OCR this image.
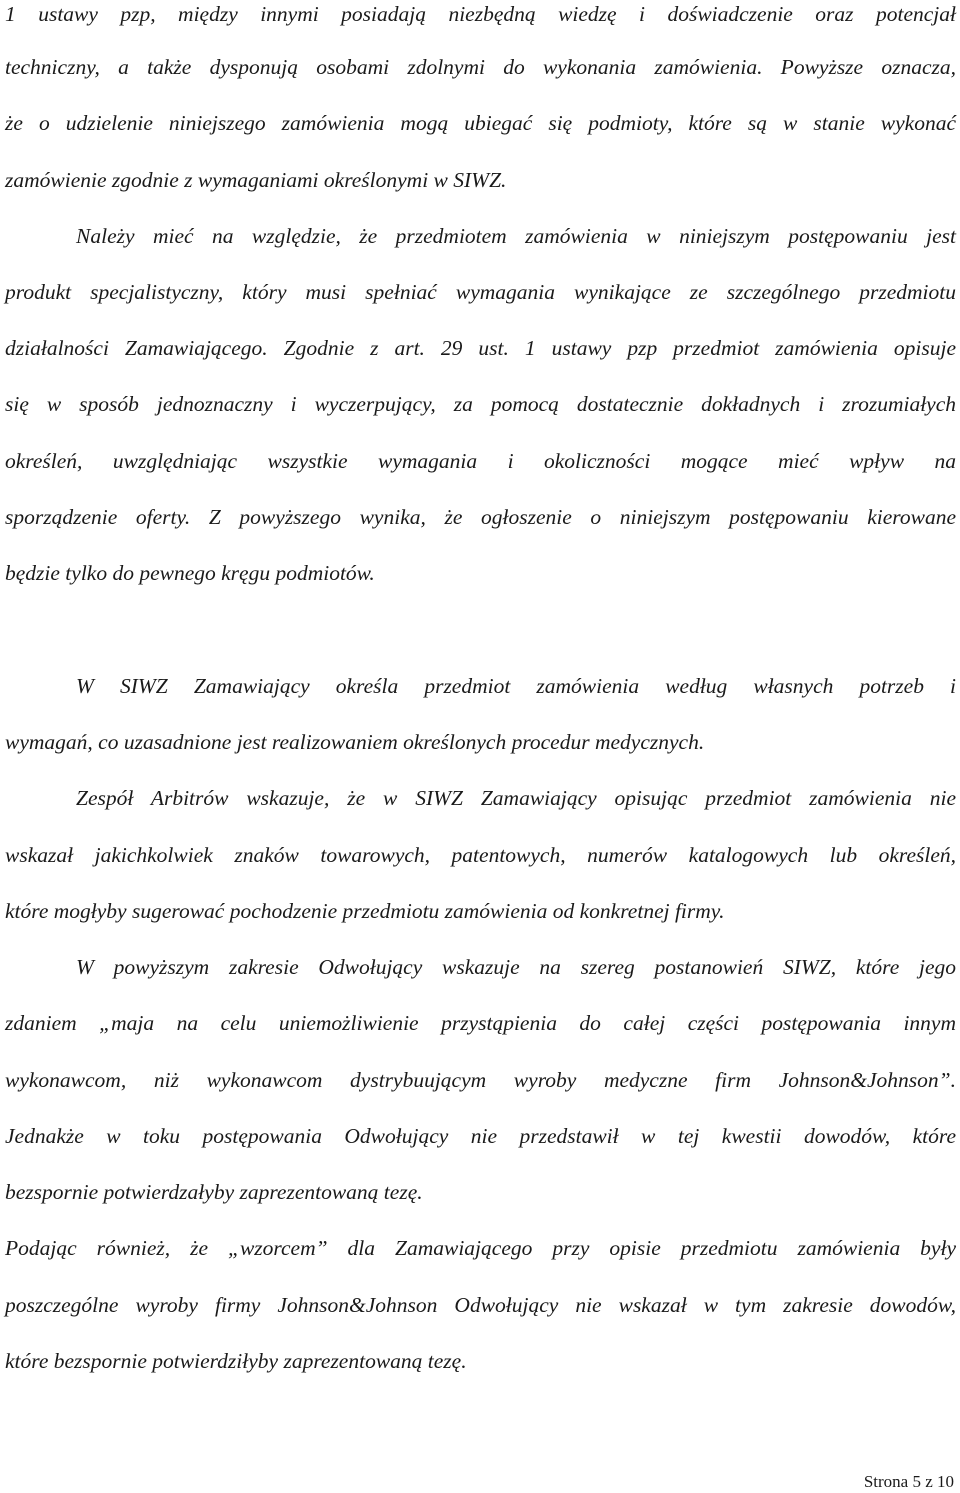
1 ustawy pzp, między innymi posiadają niezbędną wiedzę i doświadczenie oraz potencjał
techniczny, a także dysponują osobami zdolnymi do wykonania zamówienia. Powyższe oznacza,
że o udzielenie niniejszego zamówienia mogą ubiegać się podmioty, które są w stanie wykonać
zamówienie zgodnie z wymaganiami określonymi w SIWZ.
Należy mieć na względzie, że przedmiotem zamówienia w niniejszym postępowaniu jest
produkt specjalistyczny, który musi spełniać wymagania wynikające ze szczególnego przedmiotu
działalności Zamawiającego. Zgodnie z art. 29 ust. 1 ustawy pzp przedmiot zamówienia opisuje
się w sposób jednoznaczny i wyczerpujący, za pomocą dostatecznie dokładnych i zrozumiałych
określeń, uwzględniając wszystkie wymagania i okoliczności mogące mieć wpływ na
sporządzenie oferty. Z powyższego wynika, że ogłoszenie o niniejszym postępowaniu kierowane
będzie tylko do pewnego kręgu podmiotów.
W SIWZ Zamawiający określa przedmiot zamówienia według własnych potrzeb i
wymagań, co uzasadnione jest realizowaniem określonych procedur medycznych.
Zespół Arbitrów wskazuje, że w SIWZ Zamawiający opisując przedmiot zamówienia nie
wskazał jakichkolwiek znaków towarowych, patentowych, numerów katalogowych lub określeń,
które mogłyby sugerować pochodzenie przedmiotu zamówienia od konkretnej firmy.
W powyższym zakresie Odwołujący wskazuje na szereg postanowień SIWZ, które jego
zdaniem „maja na celu uniemożliwienie przystąpienia do całej części postępowania innym
wykonawcom, niż wykonawcom dystrybuującym wyroby medyczne firm Johnson&Johnson”.
Jednakże w toku postępowania Odwołujący nie przedstawił w tej kwestii dowodów, które
bezspornie potwierdzałyby zaprezentowaną tezę.
Podając również, że „wzorcem” dla Zamawiającego przy opisie przedmiotu zamówienia były
poszczególne wyroby firmy Johnson&Johnson Odwołujący nie wskazał w tym zakresie dowodów,
które bezspornie potwierdziłyby zaprezentowaną tezę.
Strona 5 z 10
